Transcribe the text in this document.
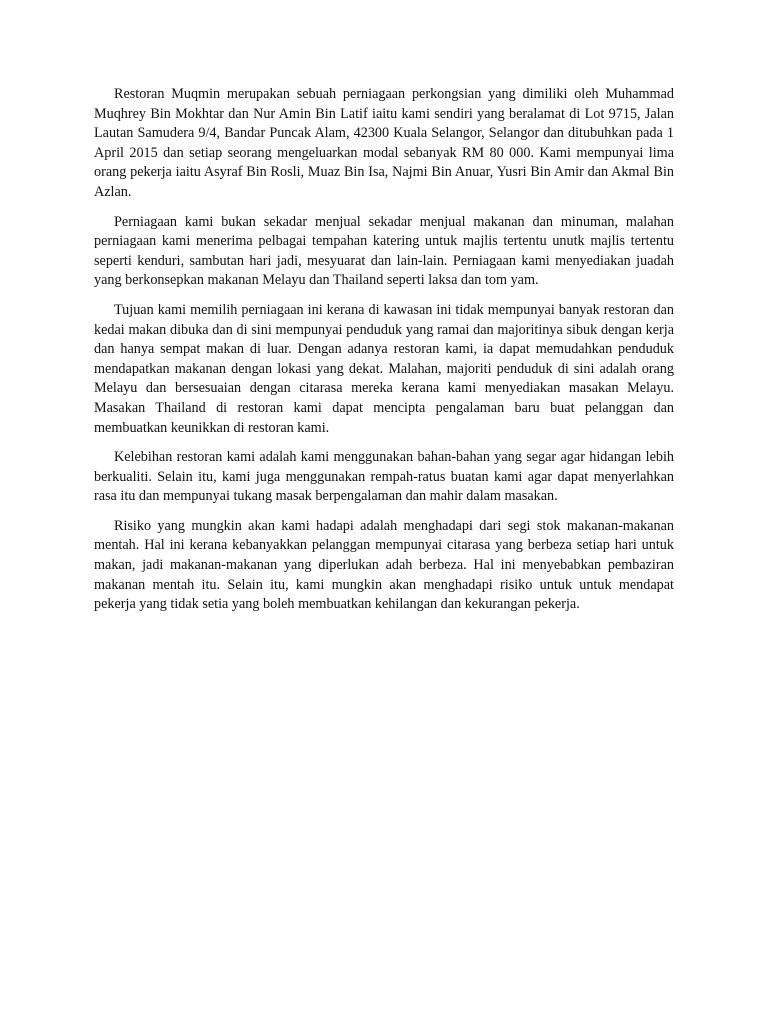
Restoran Muqmin merupakan sebuah perniagaan perkongsian yang dimiliki oleh Muhammad Muqhrey Bin Mokhtar dan Nur Amin Bin Latif iaitu kami sendiri yang beralamat di Lot 9715, Jalan Lautan Samudera 9/4, Bandar Puncak Alam, 42300 Kuala Selangor, Selangor dan ditubuhkan pada 1 April 2015 dan setiap seorang mengeluarkan modal sebanyak RM 80 000. Kami mempunyai lima orang pekerja iaitu Asyraf Bin Rosli, Muaz Bin Isa, Najmi Bin Anuar, Yusri Bin Amir dan Akmal Bin Azlan.

Perniagaan kami bukan sekadar menjual sekadar menjual makanan dan minuman, malahan perniagaan kami menerima pelbagai tempahan katering untuk majlis tertentu unutk majlis tertentu seperti kenduri, sambutan hari jadi, mesyuarat dan lain-lain. Perniagaan kami menyediakan juadah yang berkonsepkan makanan Melayu dan Thailand seperti laksa dan tom yam.

Tujuan kami memilih perniagaan ini kerana di kawasan ini tidak mempunyai banyak restoran dan kedai makan dibuka dan di sini mempunyai penduduk yang ramai dan majoritinya sibuk dengan kerja dan hanya sempat makan di luar. Dengan adanya restoran kami, ia dapat memudahkan penduduk mendapatkan makanan dengan lokasi yang dekat. Malahan, majoriti penduduk di sini adalah orang Melayu dan bersesuaian dengan citarasa mereka kerana kami menyediakan masakan Melayu. Masakan Thailand di restoran kami dapat mencipta pengalaman baru buat pelanggan dan membuatkan keunikkan di restoran kami.

Kelebihan restoran kami adalah kami menggunakan bahan-bahan yang segar agar hidangan lebih berkualiti. Selain itu, kami juga menggunakan rempah-ratus buatan kami agar dapat menyerlahkan rasa itu dan mempunyai tukang masak berpengalaman dan mahir dalam masakan.

Risiko yang mungkin akan kami hadapi adalah menghadapi dari segi stok makanan-makanan mentah. Hal ini kerana kebanyakkan pelanggan mempunyai citarasa yang berbeza setiap hari untuk makan, jadi makanan-makanan yang diperlukan adah berbeza. Hal ini menyebabkan pembaziran makanan mentah itu. Selain itu, kami mungkin akan menghadapi risiko untuk untuk mendapat pekerja yang tidak setia yang boleh membuatkan kehilangan dan kekurangan pekerja.
